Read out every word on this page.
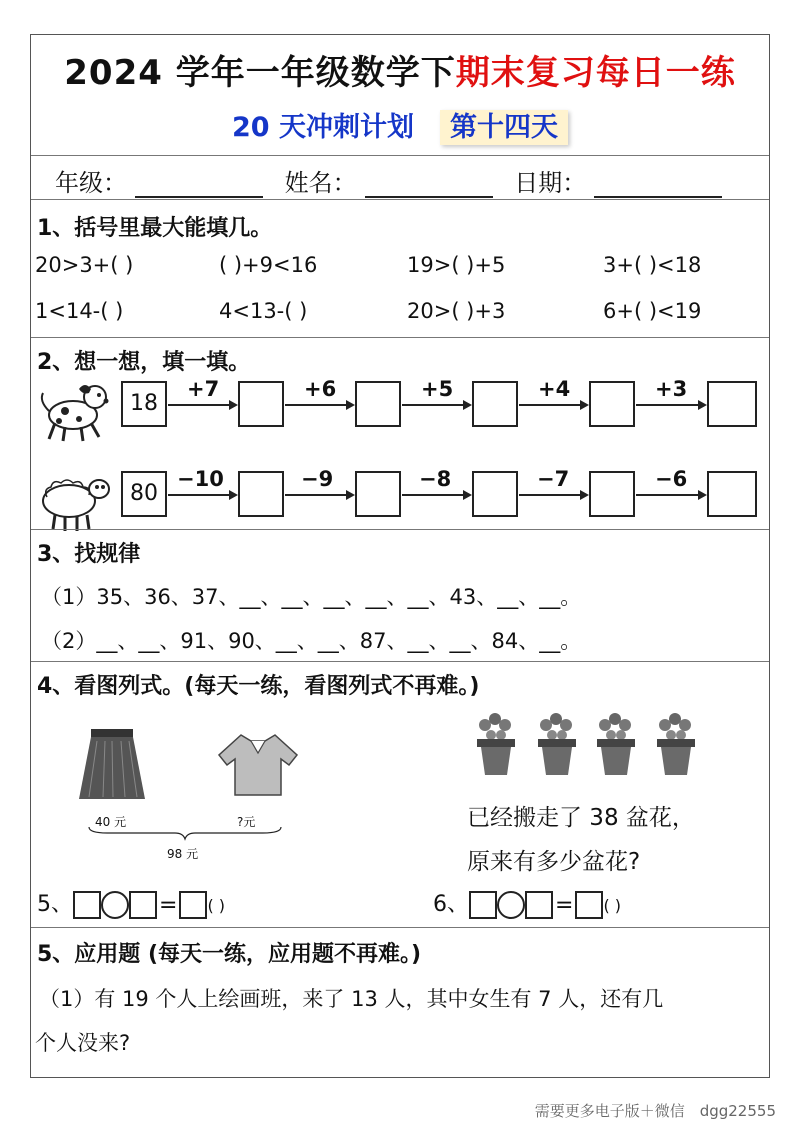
2024 学年一年级数学下期末复习每日一练
20 天冲刺计划 第十四天
年级：	姓名：	日期：
1、括号里最大能填几。
20>3+( )	( )+9<16	19>( )+5	3+( )<18
1<14-( )	4<13-( )	20>( )+3	6+( )<19
2、想一想，填一填。
18
+7	+6	+5	+4	+3
80
−10	−9	−8	−7	−6
3、找规律
（1）35、36、37、__、__、__、__、__、43、__、__。
（2）__、__、91、90、__、__、87、__、__、84、__。
4、看图列式。(每天一练，看图列式不再难。)
40 元	?元
98 元
已经搬走了 38 盆花，
原来有多少盆花?
5、	= ( )	6、	= ( )
5、应用题 (每天一练，应用题不再难。)
（1）有 19 个人上绘画班，来了 13 人，其中女生有 7 人，还有几
个人没来?
需要更多电子版＋微信　dgg22555
